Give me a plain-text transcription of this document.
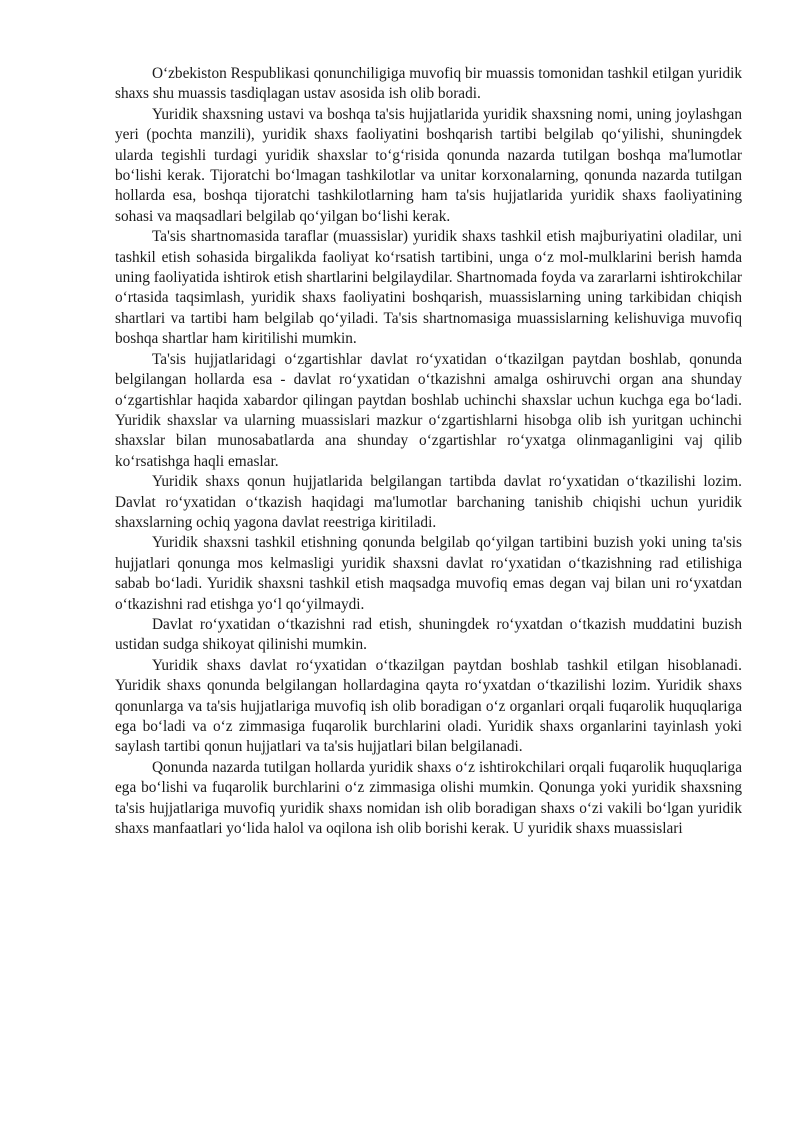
O‘zbekiston Respublikasi qonunchiligiga muvofiq bir muassis tomonidan tashkil etilgan yuridik shaxs shu muassis tasdiqlagan ustav asosida ish olib boradi.

Yuridik shaxsning ustavi va boshqa ta'sis hujjatlarida yuridik shaxsning nomi, uning joylashgan yeri (pochta manzili), yuridik shaxs faoliyatini boshqarish tartibi belgilab qo‘yilishi, shuningdek ularda tegishli turdagi yuridik shaxslar to‘g‘risida qonunda nazarda tutilgan boshqa ma'lumotlar bo‘lishi kerak. Tijoratchi bo‘lmagan tashkilotlar va unitar korxonalarning, qonunda nazarda tutilgan hollarda esa, boshqa tijoratchi tashkilotlarning ham ta'sis hujjatlarida yuridik shaxs faoliyatining sohasi va maqsadlari belgilab qo‘yilgan bo‘lishi kerak.

Ta'sis shartnomasida taraflar (muassislar) yuridik shaxs tashkil etish majburiyatini oladilar, uni tashkil etish sohasida birgalikda faoliyat ko‘rsatish tartibini, unga o‘z mol-mulklarini berish hamda uning faoliyatida ishtirok etish shartlarini belgilaydilar. Shartnomada foyda va zararlarni ishtirokchilar o‘rtasida taqsimlash, yuridik shaxs faoliyatini boshqarish, muassislarning uning tarkibidan chiqish shartlari va tartibi ham belgilab qo‘yiladi. Ta'sis shartnomasiga muassislarning kelishuviga muvofiq boshqa shartlar ham kiritilishi mumkin.

Ta'sis hujjatlaridagi o‘zgartishlar davlat ro‘yxatidan o‘tkazilgan paytdan boshlab, qonunda belgilangan hollarda esa - davlat ro‘yxatidan o‘tkazishni amalga oshiruvchi organ ana shunday o‘zgartishlar haqida xabardor qilingan paytdan boshlab uchinchi shaxslar uchun kuchga ega bo‘ladi. Yuridik shaxslar va ularning muassislari mazkur o‘zgartishlarni hisobga olib ish yuritgan uchinchi shaxslar bilan munosabatlarda ana shunday o‘zgartishlar ro‘yxatga olinmaganligini vaj qilib ko‘rsatishga haqli emaslar.

Yuridik shaxs qonun hujjatlarida belgilangan tartibda davlat ro‘yxatidan o‘tkazilishi lozim. Davlat ro‘yxatidan o‘tkazish haqidagi ma'lumotlar barchaning tanishib chiqishi uchun yuridik shaxslarning ochiq yagona davlat reestriga kiritiladi.

Yuridik shaxsni tashkil etishning qonunda belgilab qo‘yilgan tartibini buzish yoki uning ta'sis hujjatlari qonunga mos kelmasligi yuridik shaxsni davlat ro‘yxatidan o‘tkazishning rad etilishiga sabab bo‘ladi. Yuridik shaxsni tashkil etish maqsadga muvofiq emas degan vaj bilan uni ro‘yxatdan o‘tkazishni rad etishga yo‘l qo‘yilmaydi.

Davlat ro‘yxatidan o‘tkazishni rad etish, shuningdek ro‘yxatdan o‘tkazish muddatini buzish ustidan sudga shikoyat qilinishi mumkin.

Yuridik shaxs davlat ro‘yxatidan o‘tkazilgan paytdan boshlab tashkil etilgan hisoblanadi. Yuridik shaxs qonunda belgilangan hollardagina qayta ro‘yxatdan o‘tkazilishi lozim. Yuridik shaxs qonunlarga va ta'sis hujjatlariga muvofiq ish olib boradigan o‘z organlari orqali fuqarolik huquqlariga ega bo‘ladi va o‘z zimmasiga fuqarolik burchlarini oladi. Yuridik shaxs organlarini tayinlash yoki saylash tartibi qonun hujjatlari va ta'sis hujjatlari bilan belgilanadi.

Qonunda nazarda tutilgan hollarda yuridik shaxs o‘z ishtirokchilari orqali fuqarolik huquqlariga ega bo‘lishi va fuqarolik burchlarini o‘z zimmasiga olishi mumkin. Qonunga yoki yuridik shaxsning ta'sis hujjatlariga muvofiq yuridik shaxs nomidan ish olib boradigan shaxs o‘zi vakili bo‘lgan yuridik shaxs manfaatlari yo‘lida halol va oqilona ish olib borishi kerak. U yuridik shaxs muassislari
